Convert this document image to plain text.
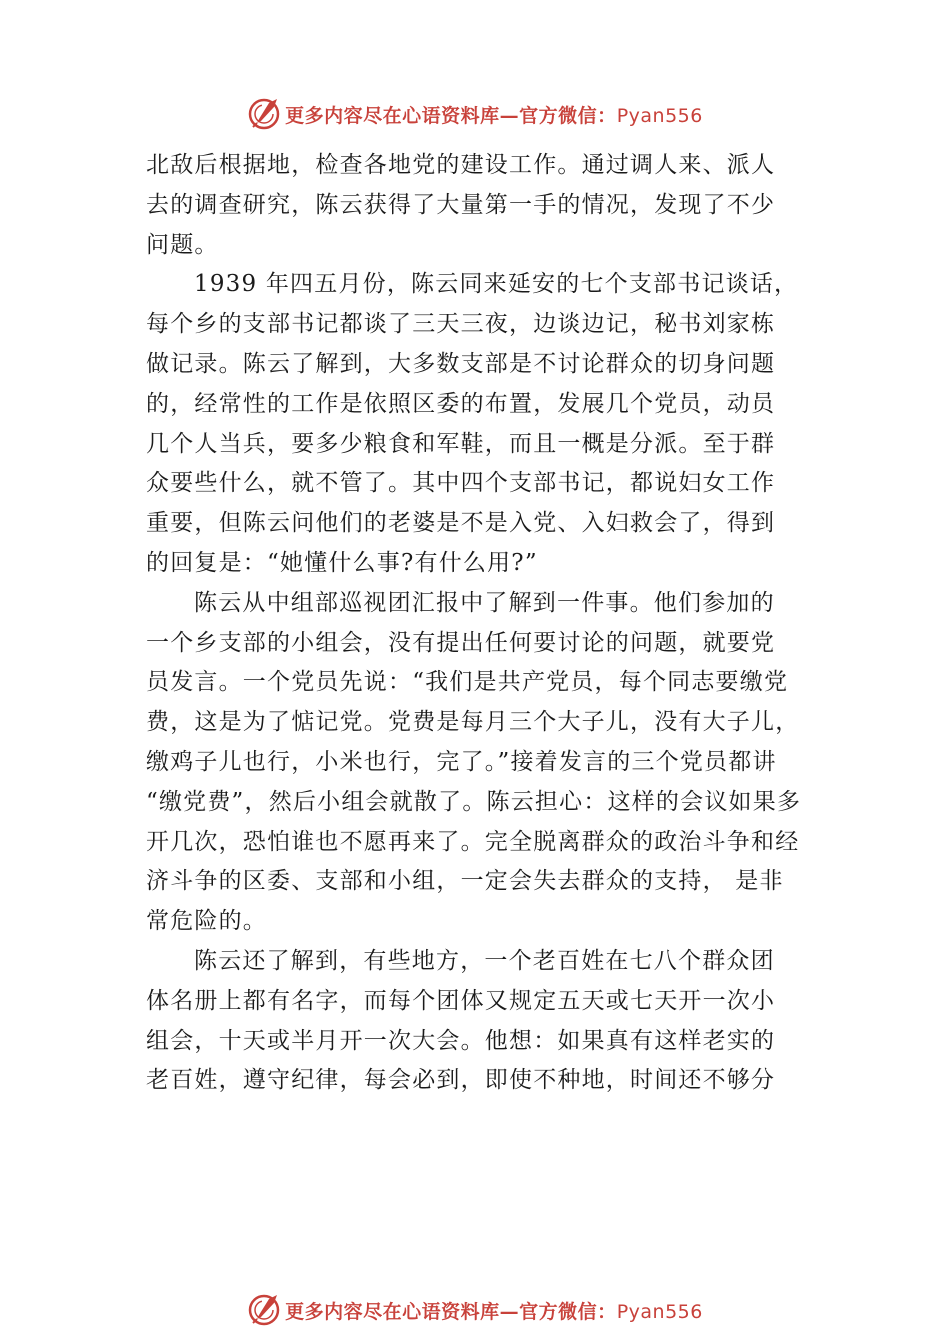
更多内容尽在心语资料库—官方微信：Pyan556

北敌后根据地，检查各地党的建设工作。通过调人来、派人
去的调查研究，陈云获得了大量第一手的情况，发现了不少
问题。

1939 年四五月份，陈云同来延安的七个支部书记谈话，
每个乡的支部书记都谈了三天三夜，边谈边记，秘书刘家栋
做记录。陈云了解到，大多数支部是不讨论群众的切身问题
的，经常性的工作是依照区委的布置，发展几个党员，动员
几个人当兵，要多少粮食和军鞋，而且一概是分派。至于群
众要些什么，就不管了。其中四个支部书记，都说妇女工作
重要，但陈云问他们的老婆是不是入党、入妇救会了，得到
的回复是：“她懂什么事?有什么用?”

陈云从中组部巡视团汇报中了解到一件事。他们参加的
一个乡支部的小组会，没有提出任何要讨论的问题，就要党
员发言。一个党员先说：“我们是共产党员，每个同志要缴党
费，这是为了惦记党。党费是每月三个大子儿，没有大子儿，
缴鸡子儿也行，小米也行，完了。”接着发言的三个党员都讲
“缴党费”，然后小组会就散了。陈云担心：这样的会议如果多
开几次，恐怕谁也不愿再来了。完全脱离群众的政治斗争和经
济斗争的区委、支部和小组，一定会失去群众的支持， 是非
常危险的。

陈云还了解到，有些地方，一个老百姓在七八个群众团
体名册上都有名字，而每个团体又规定五天或七天开一次小
组会，十天或半月开一次大会。他想：如果真有这样老实的
老百姓，遵守纪律，每会必到，即使不种地，时间还不够分

更多内容尽在心语资料库—官方微信：Pyan556
